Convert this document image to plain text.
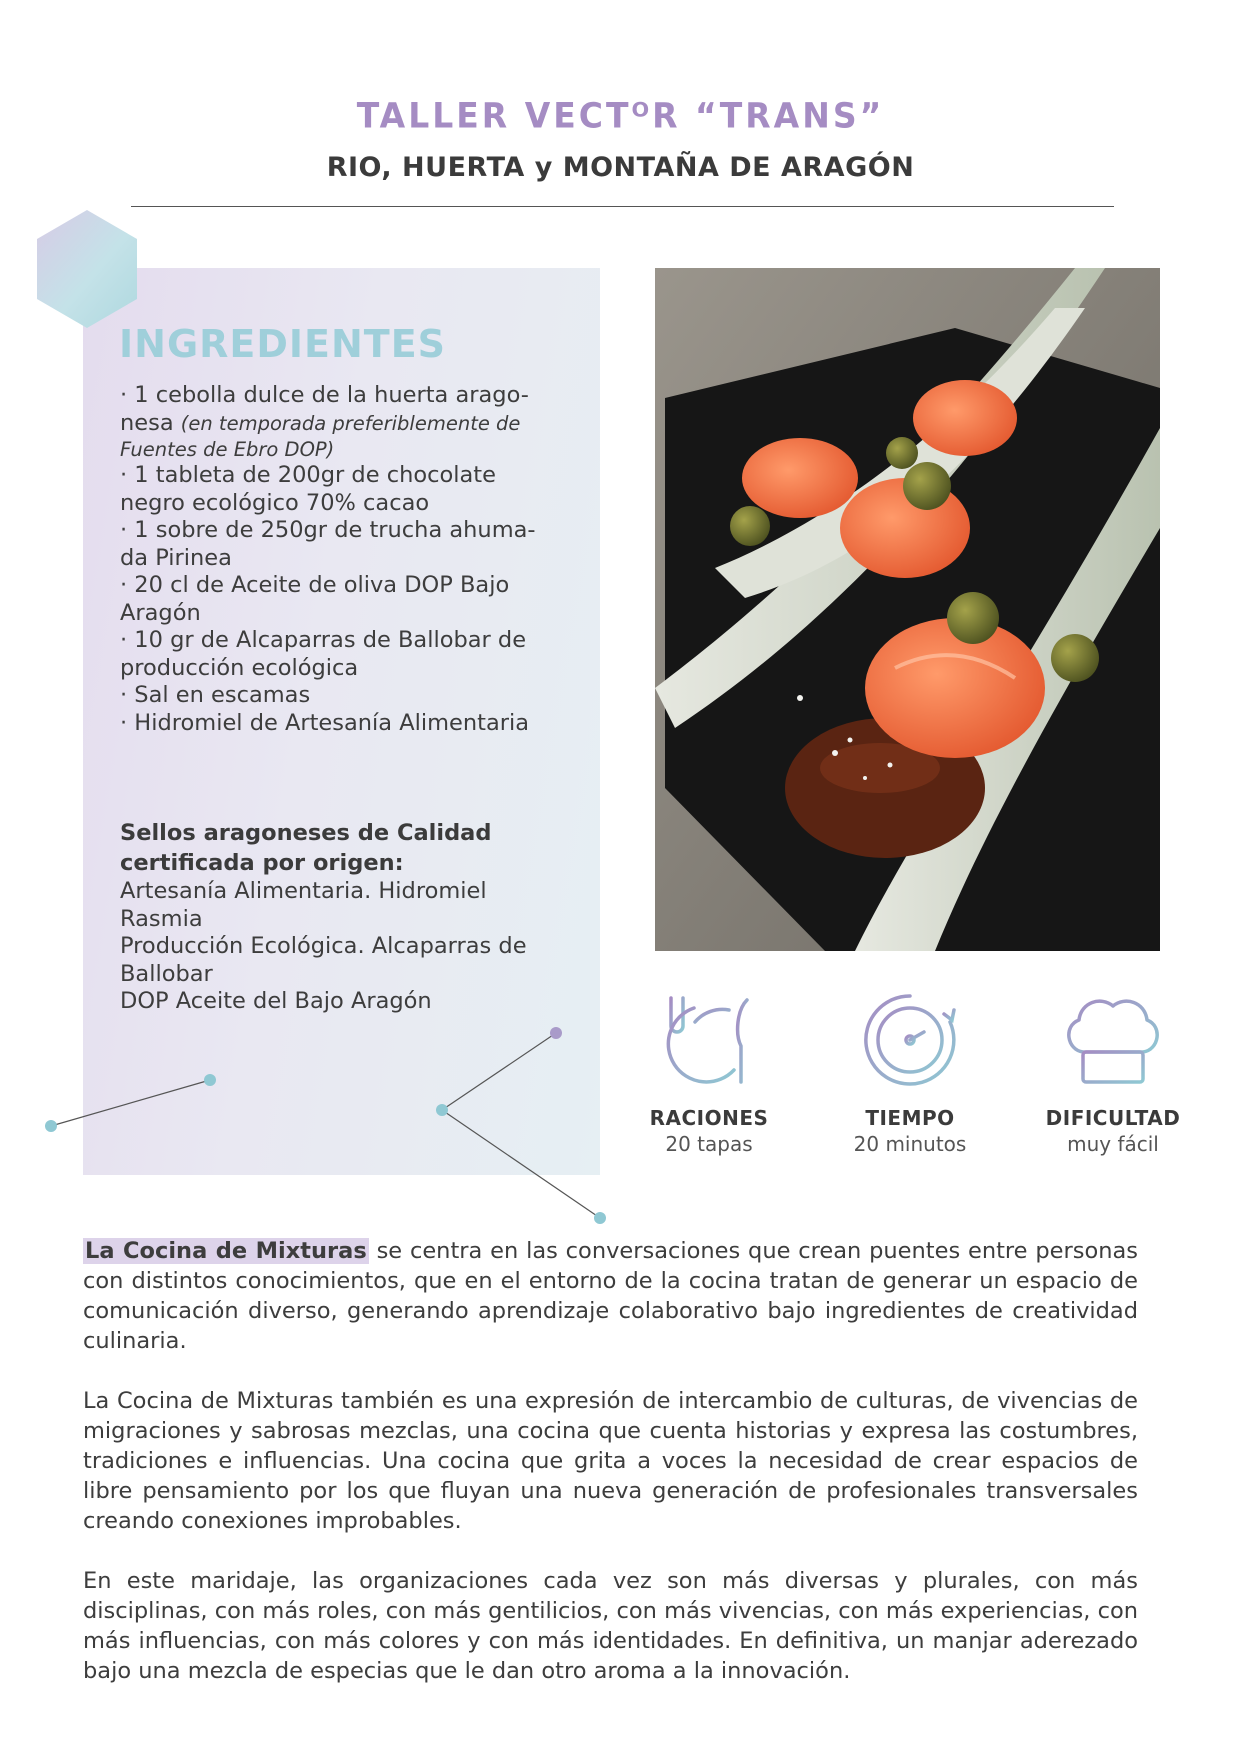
TALLER VECTᴼR “TRANS”
RIO, HUERTA y MONTAÑA DE ARAGÓN
INGREDIENTES
· 1 cebolla dulce de la huerta arago-
nesa (en temporada preferiblemente de
Fuentes de Ebro DOP)
· 1 tableta de 200gr de chocolate
negro ecológico 70% cacao
· 1 sobre de 250gr de trucha ahuma-
da Pirinea
· 20 cl de Aceite de oliva DOP Bajo
Aragón
· 10 gr de Alcaparras de Ballobar de
producción ecológica
· Sal en escamas
· Hidromiel de Artesanía Alimentaria
Sellos aragoneses de Calidad
certificada por origen:
Artesanía Alimentaria. Hidromiel
Rasmia
Producción Ecológica. Alcaparras de
Ballobar
DOP Aceite del Bajo Aragón
RACIONES
20 tapas
TIEMPO
20 minutos
DIFICULTAD
muy fácil

La Cocina de Mixturas se centra en las conversaciones que crean puentes entre personas con distintos conocimientos, que en el entorno de la cocina tratan de generar un espacio de comunicación diverso, generando aprendizaje colaborativo bajo ingredientes de creatividad culinaria.

La Cocina de Mixturas también es una expresión de intercambio de culturas, de vivencias de migraciones y sabrosas mezclas, una cocina que cuenta historias y expresa las costumbres, tradiciones e influencias. Una cocina que grita a voces la necesidad de crear espacios de libre pensamiento por los que fluyan una nueva generación de profesionales transversales creando conexiones improbables.

En este maridaje, las organizaciones cada vez son más diversas y plurales, con más disciplinas, con más roles, con más gentilicios, con más vivencias, con más experiencias, con más influencias, con más colores y con más identidades. En definitiva, un manjar aderezado bajo una mezcla de especias que le dan otro aroma a la innovación.
